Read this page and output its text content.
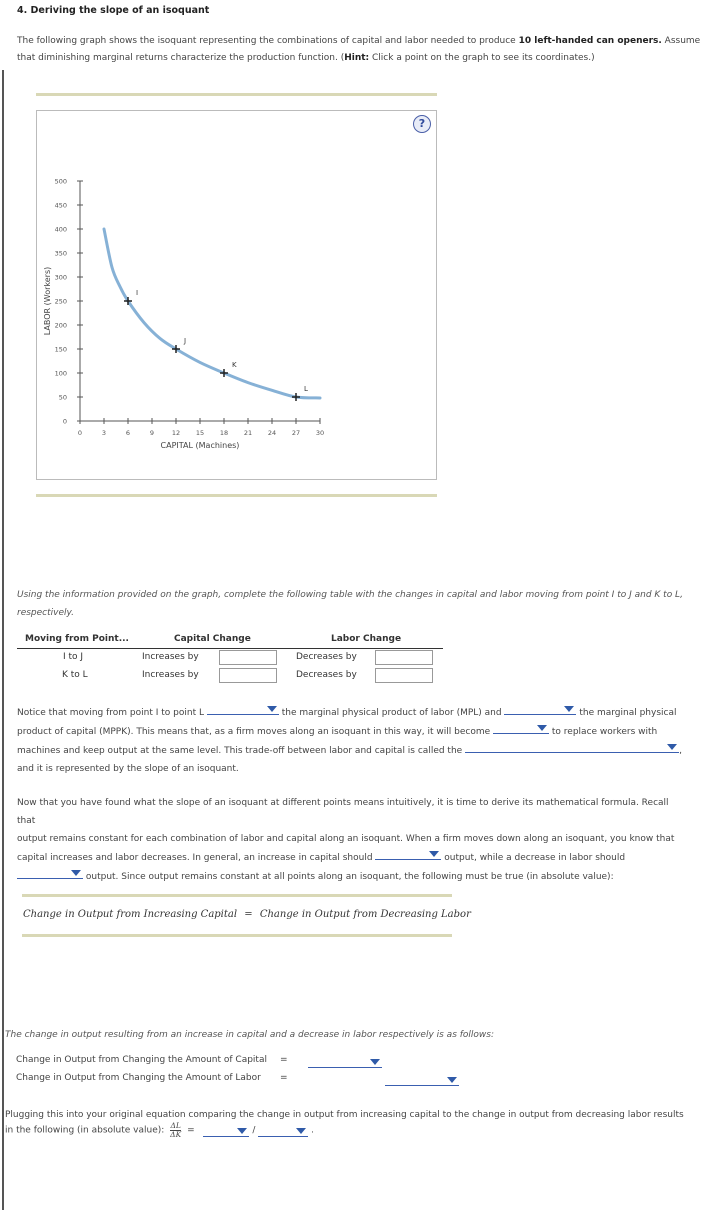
4. Deriving the slope of an isoquant
The following graph shows the isoquant representing the combinations of capital and labor needed to produce 10 left-handed can openers. Assume that diminishing marginal returns characterize the production function. (Hint: Click a point on the graph to see its coordinates.)
?
0	3	6	9	12 15 18 21 24 27 30
0
50
100
150
200
250
300
350
400
450
500
CAPITAL (Machines)
LABOR (Workers)	I
J
K
L
Using the information provided on the graph, complete the following table with the changes in capital and labor moving from point I to J and K to L, respectively.
Moving from Point...	Capital Change	Labor Change
I to J	Increases by	Decreases by
K to L	Increases by	Decreases by
Notice that moving from point I to point L	the marginal physical product of labor (MPL) and	the marginal physical
product of capital (MPPK). This means that, as a firm moves along an isoquant in this way, it will become	to replace workers with
machines and keep output at the same level. This trade-off between labor and capital is called the	,
and it is represented by the slope of an isoquant.
Now that you have found what the slope of an isoquant at different points means intuitively, it is time to derive its mathematical formula. Recall that
output remains constant for each combination of labor and capital along an isoquant. When a firm moves down along an isoquant, you know that
capital increases and labor decreases. In general, an increase in capital should	output, while a decrease in labor should
output. Since output remains constant at all points along an isoquant, the following must be true (in absolute value):
Change in Output from Increasing Capital = Change in Output from Decreasing Labor
The change in output resulting from an increase in capital and a decrease in labor respectively is as follows:
Change in Output from Changing the Amount of Capital =

Change in Output from Changing the Amount of Labor =
Plugging this into your original equation comparing the change in output from increasing capital to the change in output from decreasing labor results
in the following (in absolute value): $\frac{\Delta L}{\Delta K}$ =	/	.
